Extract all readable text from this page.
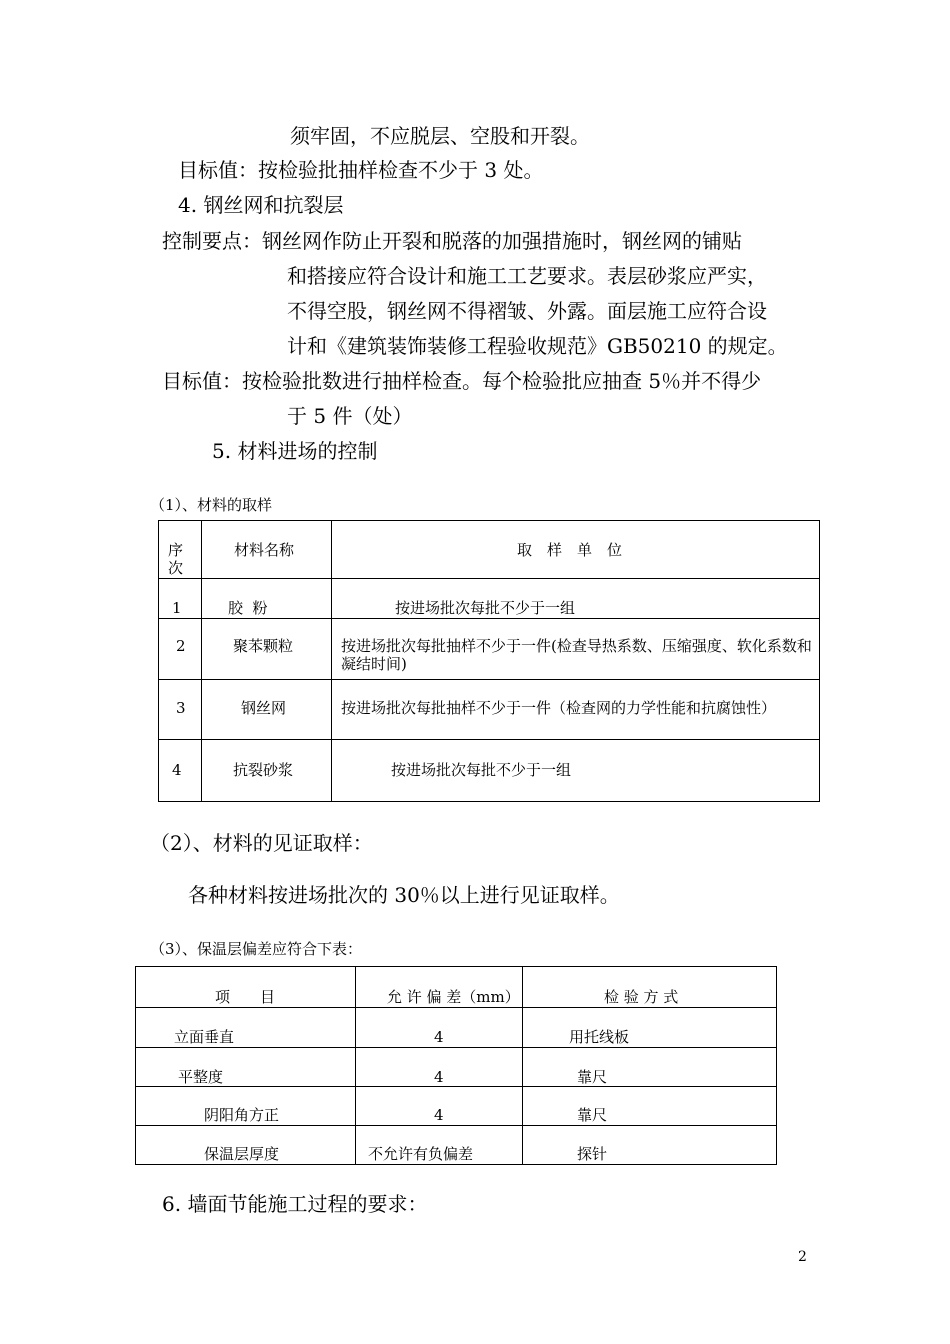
须牢固，不应脱层、空股和开裂。
目标值：按检验批抽样检查不少于 3 处。
4. 钢丝网和抗裂层
控制要点：钢丝网作防止开裂和脱落的加强措施时，钢丝网的铺贴
和搭接应符合设计和施工工艺要求。表层砂浆应严实，
不得空股，钢丝网不得褶皱、外露。面层施工应符合设
计和《建筑装饰装修工程验收规范》GB50210 的规定。
目标值：按检验批数进行抽样检查。每个检验批应抽查 5％并不得少
于 5 件（处）
5. 材料进场的控制
（1）、材料的取样
序次	材料名称	取　样　单　位

1	胶  粉	按进场批次每批不少于一组

2	聚苯颗粒	按进场批次每批抽样不少于一件(检查导热系数、压缩强度、软化系数和凝结时间)

3	钢丝网	按进场批次每批抽样不少于一件（检查网的力学性能和抗腐蚀性）

4	抗裂砂浆	按进场批次每批不少于一组
（2）、材料的见证取样：
各种材料按进场批次的 30％以上进行见证取样。
（3）、保温层偏差应符合下表：
项　　目	允 许 偏 差（mm）	检 验 方 式

立面垂直	4	用托线板

平整度	4	靠尺

阴阳角方正	4	靠尺

保温层厚度	不允许有负偏差	探针
6. 墙面节能施工过程的要求：
2
